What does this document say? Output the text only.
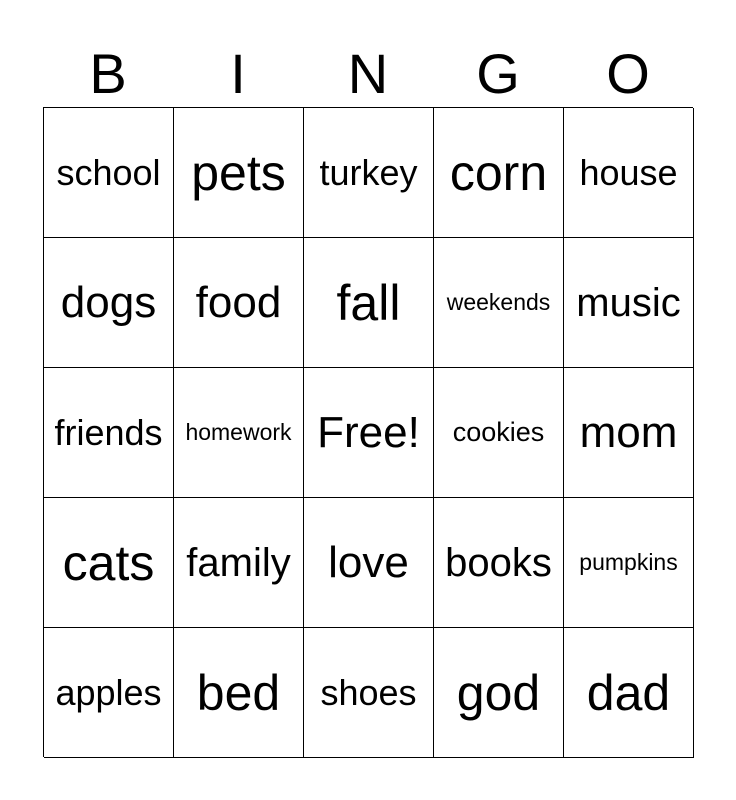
B	I	N	G	O
school pets turkey corn house
dogs food	fall	weekends music
friends homework Free!	cookies mom
cats family love books	pumpkins
apples bed	shoes god dad
